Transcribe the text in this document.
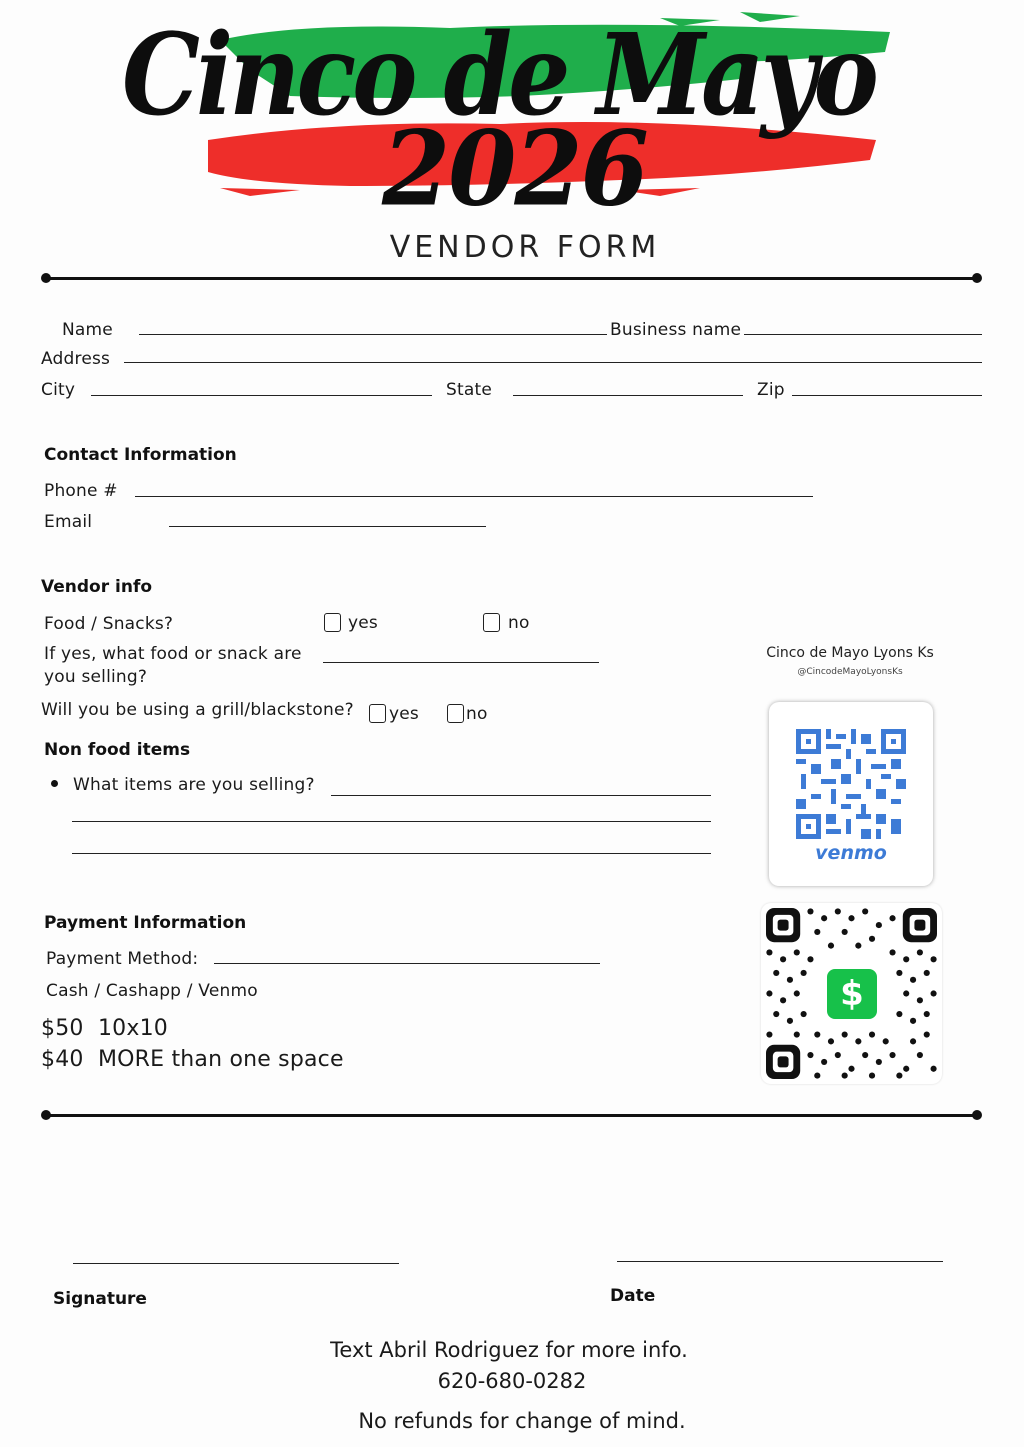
Cinco de Mayo
2026
VENDOR FORM
Name	Business name
Address
City	State	Zip
Contact Information
Phone #
Email
Vendor info
Food / Snacks?	yes	no
If yes, what food or snack are
you selling?
Will you be using a grill/blackstone? yes	no
Non food items
What items are you selling?
Payment Information
Payment Method:
Cash / Cashapp / Venmo
$50  10x10
$40  MORE than one space
Cinco de Mayo Lyons Ks
@CincodeMayoLyonsKs
venmo
$
Signature	Date
Text Abril Rodriguez for more info.
620-680-0282
No refunds for change of mind.
